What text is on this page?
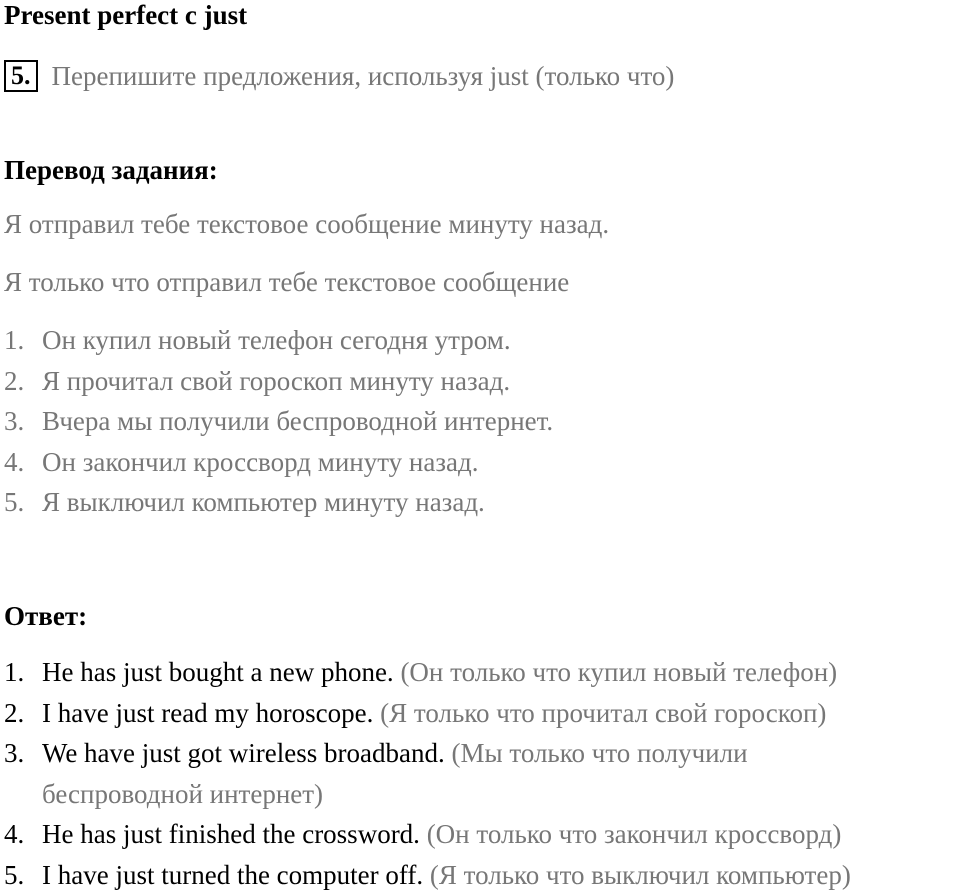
Present perfect с just
5. Перепишите предложения, используя just (только что)
Перевод задания:
Я отправил тебе текстовое сообщение минуту назад.
Я только что отправил тебе текстовое сообщение
1. Он купил новый телефон сегодня утром.
2. Я прочитал свой гороскоп минуту назад.
3. Вчера мы получили беспроводной интернет.
4. Он закончил кроссворд минуту назад.
5. Я выключил компьютер минуту назад.
Ответ:
1. He has just bought a new phone. (Он только что купил новый телефон)
2. I have just read my horoscope. (Я только что прочитал свой гороскоп)
3. We have just got wireless broadband. (Мы только что получили беспроводной интернет)
4. He has just finished the crossword. (Он только что закончил кроссворд)
5. I have just turned the computer off. (Я только что выключил компьютер)
